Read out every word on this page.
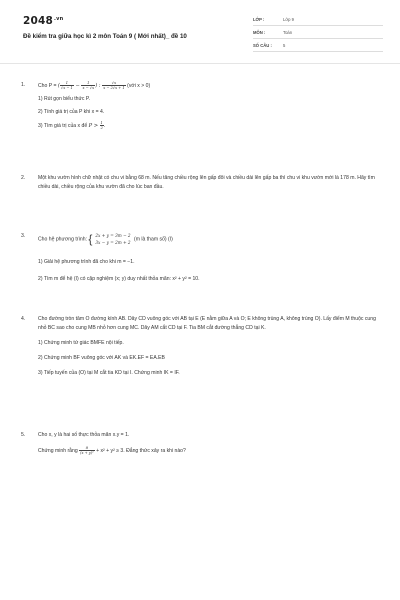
$2048^{.vn}$
Đề kiểm tra giữa học kì 2 môn Toán 9 ( Mới nhất)_ đề 10
LỚP :	Lớp 9
MÔN :	Toán
SỐ CÂU :	5
1.	Cho P = ( $\frac{1}{√x - 1} - \frac{1}{x - √x}$ ) : $\frac{√x}{x - 2√x + 1}$ (với x > 0)
1) Rút gọn biểu thức P.
2) Tính giá trị của P khi x = 4.
3) Tìm giá trị của x để $P > \frac{1}{2}$ .
2.	Một khu vườn hình chữ nhật có chu vi bằng 68 m. Nếu tăng chiều rộng lên gấp đôi và chiều dài lên gấp ba thì chu vi khu vườn mới là 178 m. Hãy tìm chiều dài, chiều rộng của khu vườn đã cho lúc ban đầu.
3.
Cho hệ phương trình: { 2x + y = 3m − 2
3x − y = 2m + 2
(m là tham số) (I)
1) Giải hệ phương trình đã cho khi m = −1.
2) Tìm m để hệ (I) có cặp nghiệm (x; y) duy nhất thỏa mãn: x² + y² = 10.
4.	Cho đường tròn tâm O đường kính AB. Dây CD vuông góc với AB tại E (E nằm giữa A và O; E không trùng A, không trùng O). Lấy điểm M thuộc cung nhỏ BC sao cho cung MB nhỏ hơn cung MC. Dây AM cắt CD tại F. Tia BM cắt đường thẳng CD tại K.
1) Chứng minh tứ giác BMFE nội tiếp.
2) Chứng minh BF vuông góc với AK và EK.EF = EA.EB
3) Tiếp tuyến của (O) tại M cắt tia KD tại I. Chứng minh IK = IF.
5.	Cho x, y là hai số thực thỏa mãn x.y = 1.
Chứng minh rằng $\frac{8}{\text{(x + y)²}} + x^2 + y^2 \ge 3$. Đẳng thức xảy ra khi nào?
